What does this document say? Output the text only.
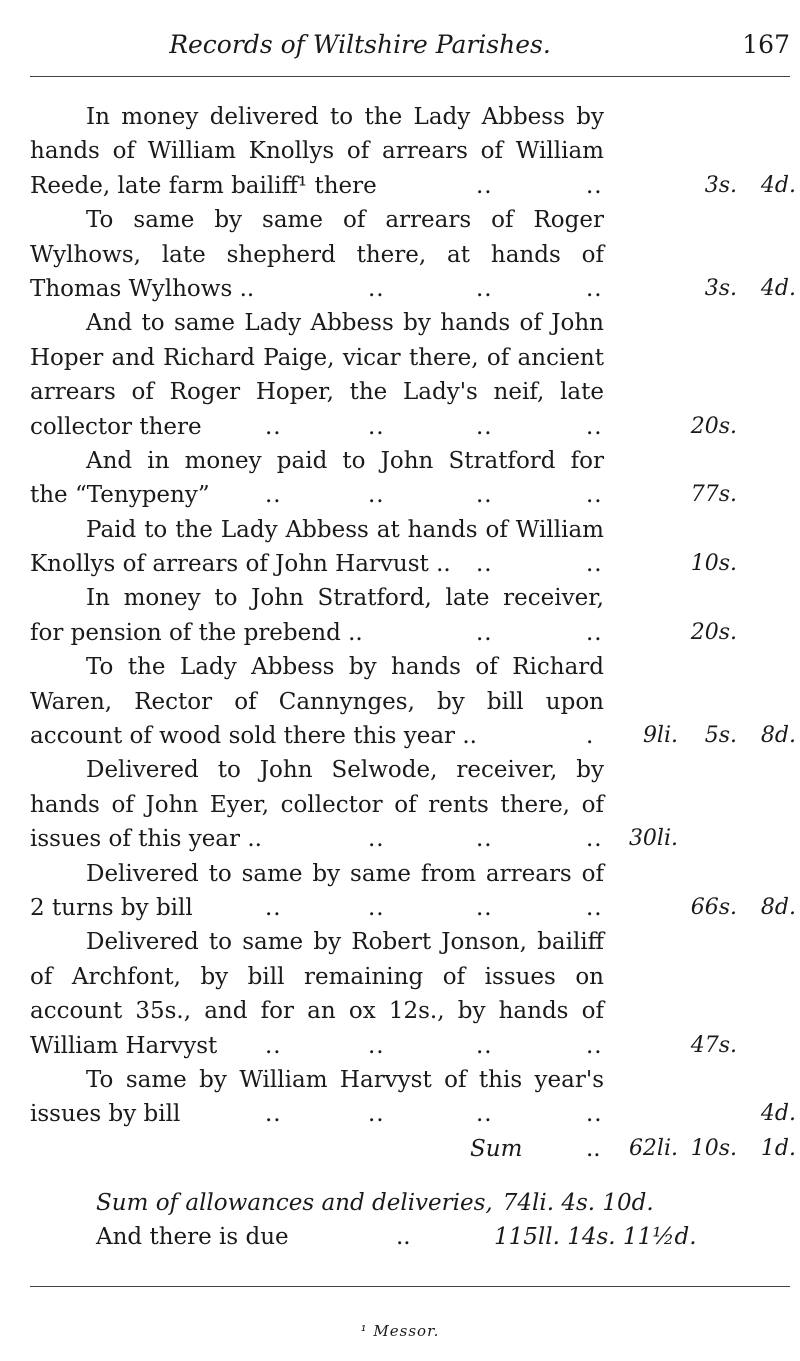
Records of Wiltshire Parishes.	167
In money delivered to the Lady Abbess by
hands of William Knollys of arrears of William
Reede, late farm bailiff¹ there	..	..	3s.	4d.
To same by same of arrears of Roger
Wylhows, late shepherd there, at hands of
Thomas Wylhows ..	..	..	..	3s.	4d.
And to same Lady Abbess by hands of John
Hoper and Richard Paige, vicar there, of ancient
arrears of Roger Hoper, the Lady's neif, late
collector there	..	..	..	..	20s.
And in money paid to John Stratford for
the “Tenypeny” ..	..	..	..	77s.
Paid to the Lady Abbess at hands of William
Knollys of arrears of John Harvust .. ..	..	10s.
In money to John Stratford, late receiver,
for pension of the prebend ..	..	..	20s.
To the Lady Abbess by hands of Richard
Waren, Rector of Cannynges, by bill upon
account of wood sold there this year ..	.	9li.	5s.	8d.
Delivered to John Selwode, receiver, by
hands of John Eyer, collector of rents there, of
issues of this year ..	..	..	..	30li.
Delivered to same by same from arrears of
2 turns by bill	..	..	..	..	66s.	8d.
Delivered to same by Robert Jonson, bailiff
of Archfont, by bill remaining of issues on
account 35s., and for an ox 12s., by hands of
William Harvyst ..	..	..	..	47s.
To same by William Harvyst of this year's
issues by bill	..	..	..	..	4d.
Sum	..	62li. 10s.	1d.
Sum of allowances and deliveries, 74li. 4s. 10d.
And there is due	..	115ll. 14s. 11½d.
¹ Messor.
